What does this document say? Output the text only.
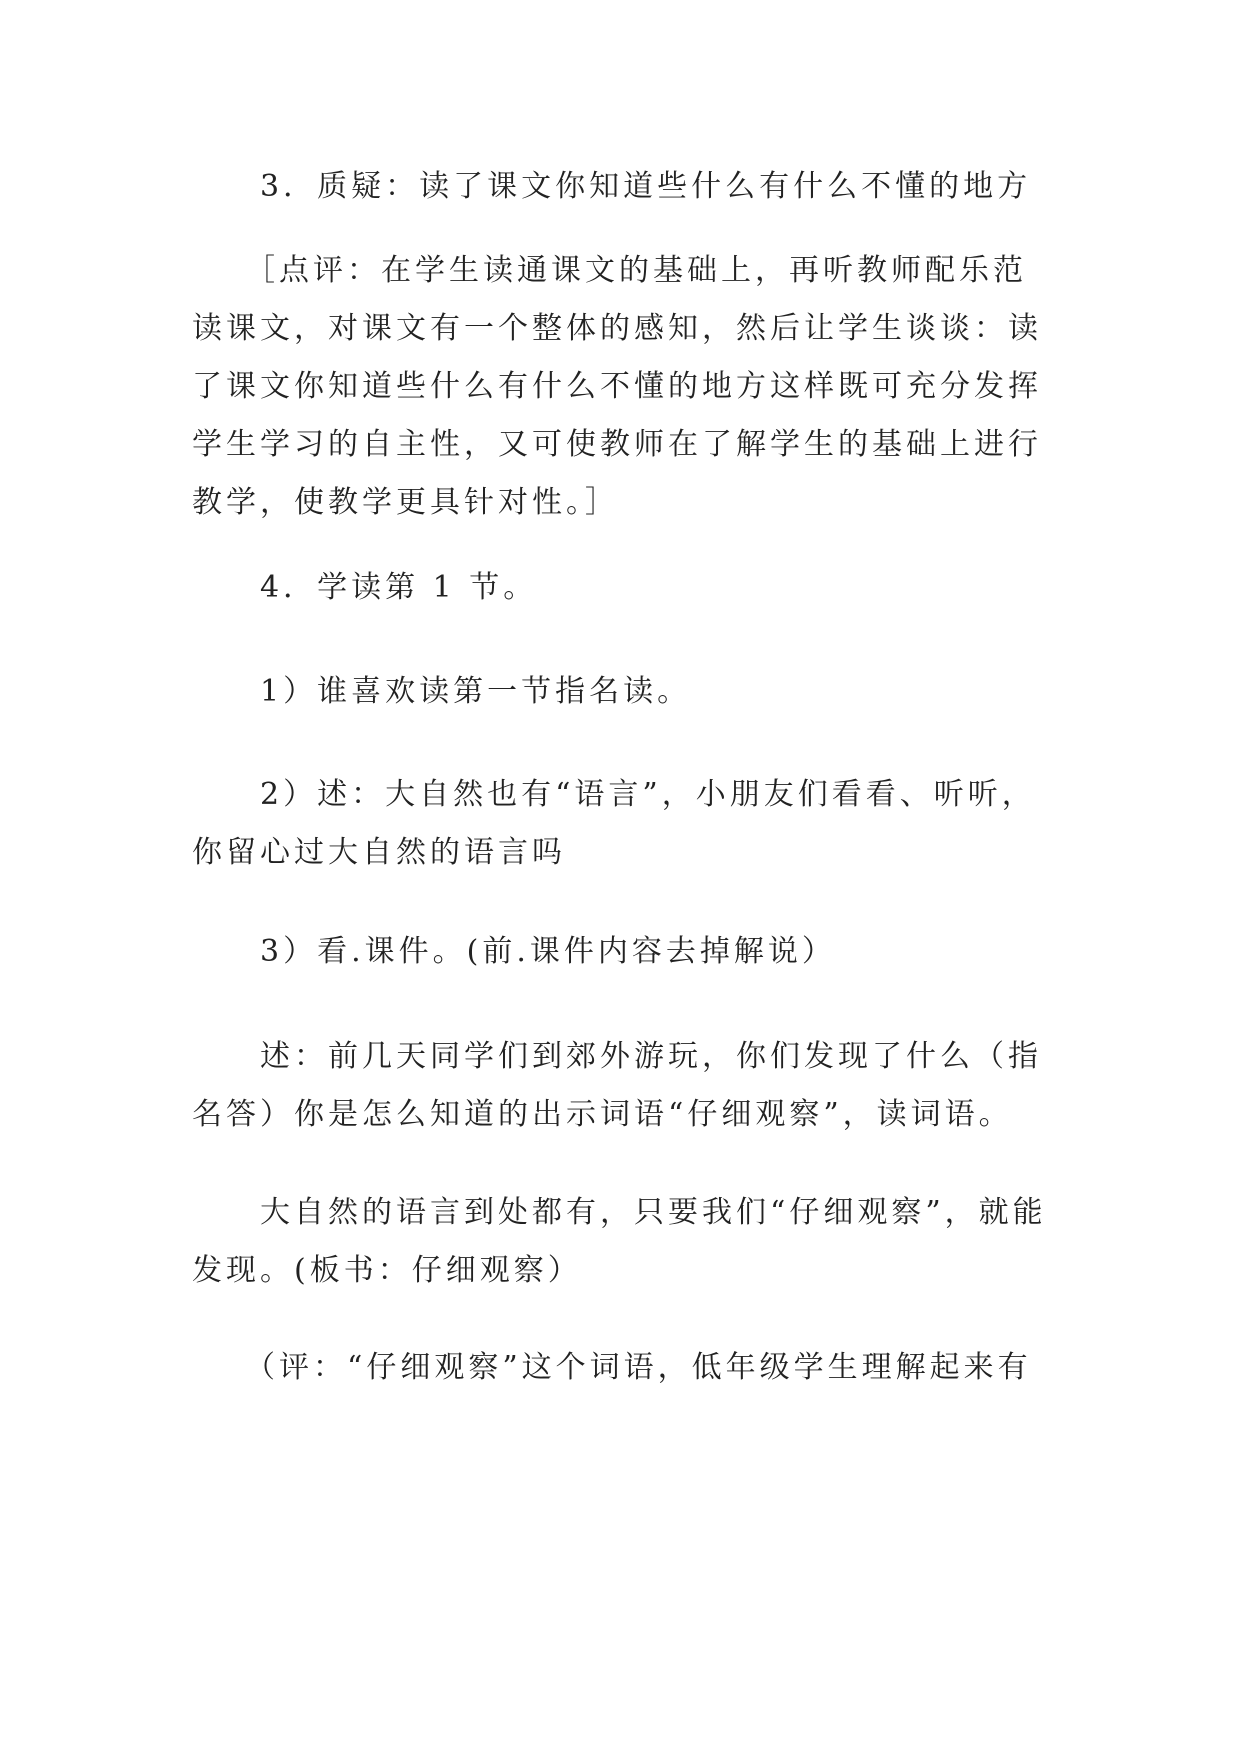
　　3．质疑：读了课文你知道些什么有什么不懂的地方

　　［点评：在学生读通课文的基础上，再听教师配乐范读课文，对课文有一个整体的感知，然后让学生谈谈：读了课文你知道些什么有什么不懂的地方这样既可充分发挥学生学习的自主性，又可使教师在了解学生的基础上进行教学，使教学更具针对性。］

　　4．学读第 1 节。

　　1）谁喜欢读第一节指名读。

　　2）述：大自然也有“语言”，小朋友们看看、听听，你留心过大自然的语言吗

　　3）看.课件。(前.课件内容去掉解说）

　　述：前几天同学们到郊外游玩，你们发现了什么（指名答）你是怎么知道的出示词语“仔细观察”，读词语。

　　大自然的语言到处都有，只要我们“仔细观察”，就能发现。(板书：仔细观察）

　　（评：“仔细观察”这个词语，低年级学生理解起来有
